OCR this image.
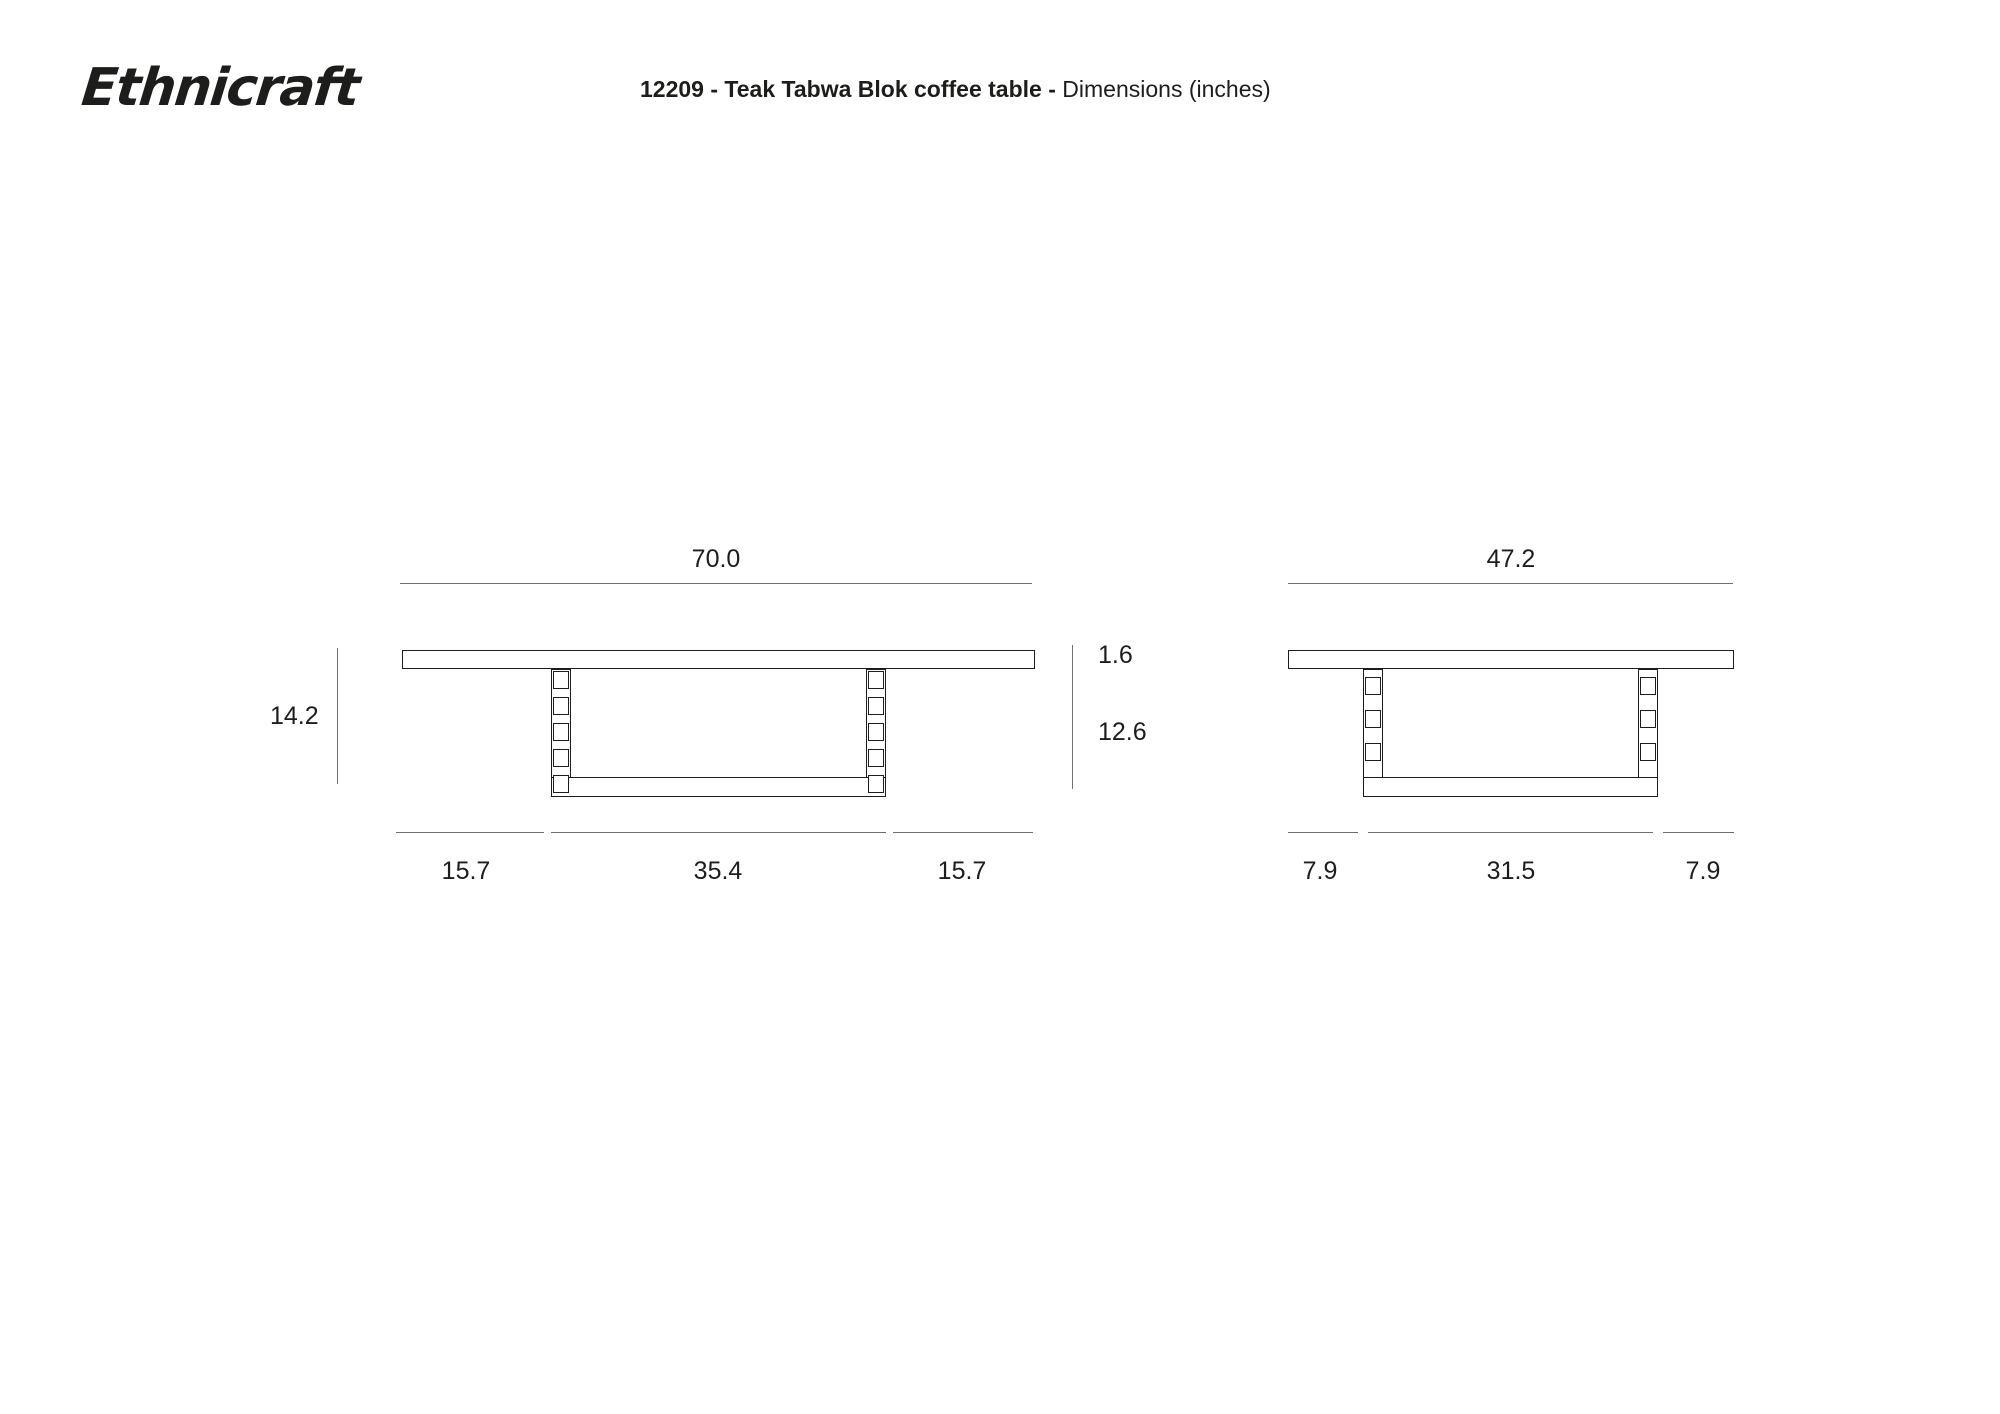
Ethnicraft	12209 - Teak Tabwa Blok coffee table - Dimensions (inches)
70.0
14.2
1.6
12.6
15.7	35.4	15.7
47.2
7.9	31.5	7.9
